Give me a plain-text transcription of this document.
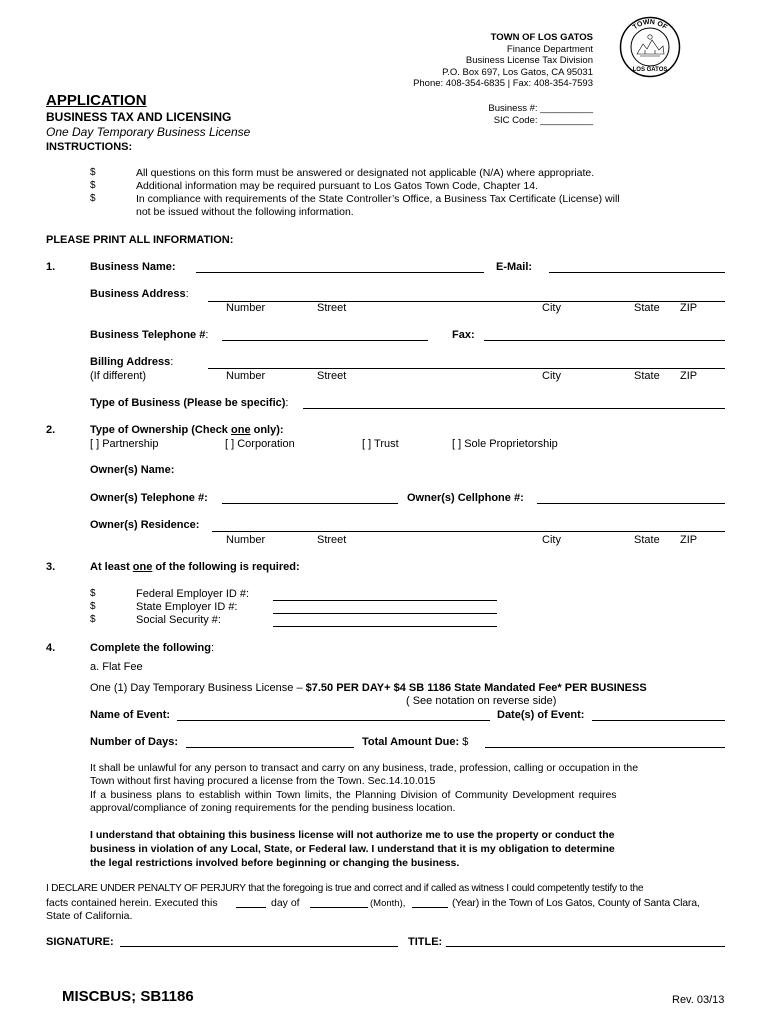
TOWN OF LOS GATOS
Finance Department
Business License Tax Division
P.O. Box 697, Los Gatos, CA 95031
Phone: 408-354-6835 | Fax: 408-354-7593
Business #: __________
SIC Code: __________
TOWN OF
LOS GATOS
APPLICATION
BUSINESS TAX AND LICENSING
One Day Temporary Business License
INSTRUCTIONS:
$	All questions on this form must be answered or designated not applicable (N/A) where appropriate.
$	Additional information may be required pursuant to Los Gatos Town Code, Chapter 14.
$	In compliance with requirements of the State Controller’s Office, a Business Tax Certificate (License) will
not be issued without the following information.
PLEASE PRINT ALL INFORMATION:
1.	Business Name:	E-Mail:
Business Address:
Number	Street	City	State ZIP
Business Telephone #:	Fax:
Billing Address:
(If different)	Number	Street	City	State ZIP
Type of Business (Please be specific):
2.	Type of Ownership (Check one only):
[ ] Partnership	[ ] Corporation	[ ] Trust	[ ] Sole Proprietorship
Owner(s) Name:
Owner(s) Telephone #:	Owner(s) Cellphone #:
Owner(s) Residence:
Number	Street	City	State ZIP
3.	At least one of the following is required:
$	Federal Employer ID #:
$	State Employer ID #:
$	Social Security #:
4.	Complete the following:
a. Flat Fee
One (1) Day Temporary Business License – $7.50 PER DAY+ $4 SB 1186 State Mandated Fee* PER BUSINESS
( See notation on reverse side)
Name of Event:	Date(s) of Event:
Number of Days:	Total Amount Due: $
It shall be unlawful for any person to transact and carry on any business, trade, profession, calling or occupation in the
Town without first having procured a license from the Town. Sec.14.10.015
If a business plans to establish within Town limits, the Planning Division of Community Development requires
approval/compliance of zoning requirements for the pending business location.
I understand that obtaining this business license will not authorize me to use the property or conduct the
business in violation of any Local, State, or Federal law. I understand that it is my obligation to determine
the legal restrictions involved before beginning or changing the business.
I DECLARE UNDER PENALTY OF PERJURY that the foregoing is true and correct and if called as witness I could competently testify to the
facts contained herein. Executed this	day of	(Month),	(Year) in the Town of Los Gatos, County of Santa Clara,
State of California.
SIGNATURE:	TITLE:
MISCBUS; SB1186	Rev. 03/13
